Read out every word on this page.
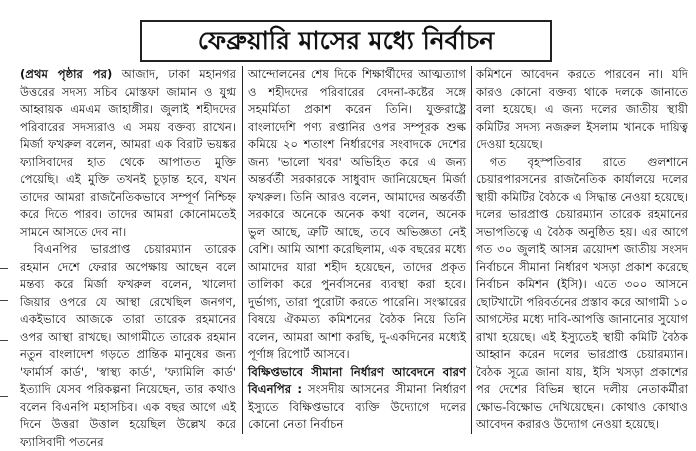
ফেব্রুয়ারি মাসের মধ্যে নির্বাচন

(প্রথম পৃষ্ঠার পর) আজাদ, ঢাকা মহানগর উত্তরের সদস্য সচিব মোস্তফা জামান ও যুগ্ম আহ্বায়ক এমএম জাহাঙ্গীর। জুলাই শহীদদের পরিবারের সদস্যরাও এ সময় বক্তব্য রাখেন। মির্জা ফখরুল বলেন, আমরা এক বিরাট ভয়ঙ্কর ফ্যাসিবাদের হাত থেকে আপাতত মুক্তি পেয়েছি। এই মুক্তি তখনই চূড়ান্ত হবে, যখন তাদের আমরা রাজনৈতিকভাবে সম্পূর্ণ নিশ্চিহ্ন করে দিতে পারব। তাদের আমরা কোনোমতেই সামনে আসতে দেব না।

বিএনপির ভারপ্রাপ্ত চেয়ারম্যান তারেক রহমান দেশে ফেরার অপেক্ষায় আছেন বলে মন্তব্য করে মির্জা ফখরুল বলেন, খালেদা জিয়ার ওপরে যে আস্থা রেখেছিল জনগণ, একইভাবে আজকে তারা তারেক রহমানের ওপর আস্থা রাখছে। আগামীতে তারেক রহমান নতুন বাংলাদেশ গড়তে প্রান্তিক মানুষের জন্য 'ফার্মার্স কার্ড', 'স্বাস্থ্য কার্ড', 'ফ্যামিলি কার্ড' ইত্যাদি যেসব পরিকল্পনা নিয়েছেন, তার কথাও বলেন বিএনপি মহাসচিব। এক বছর আগে এই দিনে উত্তরা উত্তাল হয়েছিল উল্লেখ করে ফ্যাসিবাদী পতনের

আন্দোলনের শেষ দিকে শিক্ষার্থীদের আত্মত্যাগ ও শহীদদের পরিবারের বেদনা-কষ্টের সঙ্গে সহমর্মিতা প্রকাশ করেন তিনি। যুক্তরাষ্ট্রে বাংলাদেশি পণ্য রপ্তানির ওপর সম্পূরক শুল্ক কমিয়ে ২০ শতাংশ নির্ধারণের সংবাদকে দেশের জন্য 'ভালো খবর' অভিহিত করে এ জন্য অন্তর্বর্তী সরকারকে সাধুবাদ জানিয়েছেন মির্জা ফখরুল। তিনি আরও বলেন, আমাদের অন্তর্বর্তী সরকারে অনেকে অনেক কথা বলেন, অনেক ভুল আছে, ত্রুটি আছে, তবে অভিজ্ঞতা নেই বেশি। আমি আশা করেছিলাম, এক বছরের মধ্যে আমাদের যারা শহীদ হয়েছেন, তাদের প্রকৃত তালিকা করে পুনর্বাসনের ব্যবস্থা করা হবে। দুর্ভাগ্য, তারা পুরোটা করতে পারেনি। সংস্কারের বিষয়ে ঐকমত্য কমিশনের বৈঠক নিয়ে তিনি বলেন, আমরা আশা করছি, দু-একদিনের মধ্যেই পূর্ণাঙ্গ রিপোর্ট আসবে।

বিক্ষিপ্তভাবে সীমানা নির্ধারণ আবেদনে বারণ বিএনপির : সংসদীয় আসনের সীমানা নির্ধারণ ইস্যুতে বিক্ষিপ্তভাবে ব্যক্তি উদ্যোগে দলের কোনো নেতা নির্বাচন

কমিশনে আবেদন করতে পারবেন না। যদি কারও কোনো বক্তব্য থাকে দলকে জানাতে বলা হয়েছে। এ জন্য দলের জাতীয় স্থায়ী কমিটির সদস্য নজরুল ইসলাম খানকে দায়িত্ব দেওয়া হয়েছে।

গত বৃহস্পতিবার রাতে গুলশানে চেয়ারপারসনের রাজনৈতিক কার্যালয়ে দলের স্থায়ী কমিটির বৈঠকে এ সিদ্ধান্ত নেওয়া হয়েছে। দলের ভারপ্রাপ্ত চেয়ারম্যান তারেক রহমানের সভাপতিত্বে এ বৈঠক অনুষ্ঠিত হয়। এর আগে গত ৩০ জুলাই আসন্ন ত্রয়োদশ জাতীয় সংসদ নির্বাচনে সীমানা নির্ধারণ খসড়া প্রকাশ করেছে নির্বাচন কমিশন (ইসি)। এতে ৩০০ আসনে ছোটখাটো পরিবর্তনের প্রস্তাব করে আগামী ১০ আগস্টের মধ্যে দাবি-আপত্তি জানানোর সুযোগ রাখা হয়েছে। এই ইস্যুতেই স্থায়ী কমিটি বৈঠক আহ্বান করেন দলের ভারপ্রাপ্ত চেয়ারম্যান। বৈঠক সূত্রে জানা যায়, ইসি খসড়া প্রকাশের পর দেশের বিভিন্ন স্থানে দলীয় নেতাকর্মীরা ক্ষোভ-বিক্ষোভ দেখিয়েছেন। কোথাও কোথাও আবেদন করারও উদ্যোগ নেওয়া হয়েছে।
